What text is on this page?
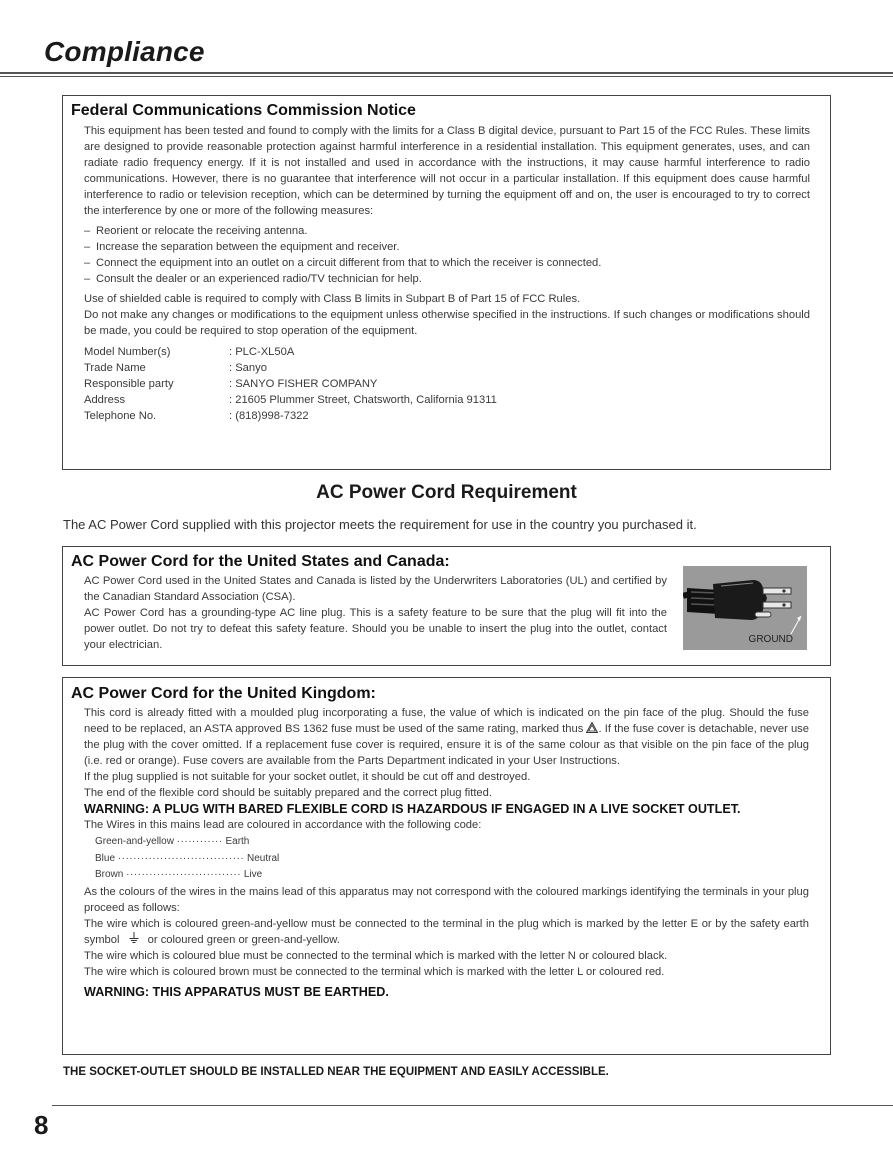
Compliance
Federal Communications Commission Notice

This equipment has been tested and found to comply with the limits for a Class B digital device, pursuant to Part 15 of the FCC Rules. These limits are designed to provide reasonable protection against harmful interference in a residential installation. This equipment generates, uses, and can radiate radio frequency energy. If it is not installed and used in accordance with the instructions, it may cause harmful interference to radio communications. However, there is no guarantee that interference will not occur in a particular installation. If this equipment does cause harmful interference to radio or television reception, which can be determined by turning the equipment off and on, the user is encouraged to try to correct the interference by one or more of the following measures:

– Reorient or relocate the receiving antenna.
– Increase the separation between the equipment and receiver.
– Connect the equipment into an outlet on a circuit different from that to which the receiver is connected.
– Consult the dealer or an experienced radio/TV technician for help.

Use of shielded cable is required to comply with Class B limits in Subpart B of Part 15 of FCC Rules.

Do not make any changes or modifications to the equipment unless otherwise specified in the instructions. If such changes or modifications should be made, you could be required to stop operation of the equipment.

Model Number(s)	: PLC-XL50A
Trade Name	: Sanyo
Responsible party	: SANYO FISHER COMPANY
Address	: 21605 Plummer Street, Chatsworth, California 91311
Telephone No.	: (818)998-7322
AC Power Cord Requirement

The AC Power Cord supplied with this projector meets the requirement for use in the country you purchased it.

AC Power Cord for the United States and Canada:

AC Power Cord used in the United States and Canada is listed by the Underwriters Laboratories (UL) and certified by the Canadian Standard Association (CSA).

AC Power Cord has a grounding-type AC line plug. This is a safety feature to be sure that the plug will fit into the power outlet. Do not try to defeat this safety feature. Should you be unable to insert the plug into the outlet, contact your electrician.	GROUND
AC Power Cord for the United Kingdom:

This cord is already fitted with a moulded plug incorporating a fuse, the value of which is indicated on the pin face of the plug. Should the fuse need to be replaced, an ASTA approved BS 1362 fuse must be used of the same rating, marked thus . If the fuse cover is detachable, never use the plug with the cover omitted. If a replacement fuse cover is required, ensure it is of the same colour as that visible on the pin face of the plug (i.e. red or orange). Fuse covers are available from the Parts Department indicated in your User Instructions.

If the plug supplied is not suitable for your socket outlet, it should be cut off and destroyed.

The end of the flexible cord should be suitably prepared and the correct plug fitted.

WARNING: A PLUG WITH BARED FLEXIBLE CORD IS HAZARDOUS IF ENGAGED IN A LIVE SOCKET OUTLET.

The Wires in this mains lead are coloured in accordance with the following code:

Green-and-yellow ············ Earth
Blue ································· Neutral
Brown ······························ Live

As the colours of the wires in the mains lead of this apparatus may not correspond with the coloured markings identifying the terminals in your plug proceed as follows:

The wire which is coloured green-and-yellow must be connected to the terminal in the plug which is marked by the letter E or by the safety earth symbol	or coloured green or green-and-yellow.

The wire which is coloured blue must be connected to the terminal which is marked with the letter N or coloured black.

The wire which is coloured brown must be connected to the terminal which is marked with the letter L or coloured red.

WARNING: THIS APPARATUS MUST BE EARTHED.

THE SOCKET-OUTLET SHOULD BE INSTALLED NEAR THE EQUIPMENT AND EASILY ACCESSIBLE.

8
